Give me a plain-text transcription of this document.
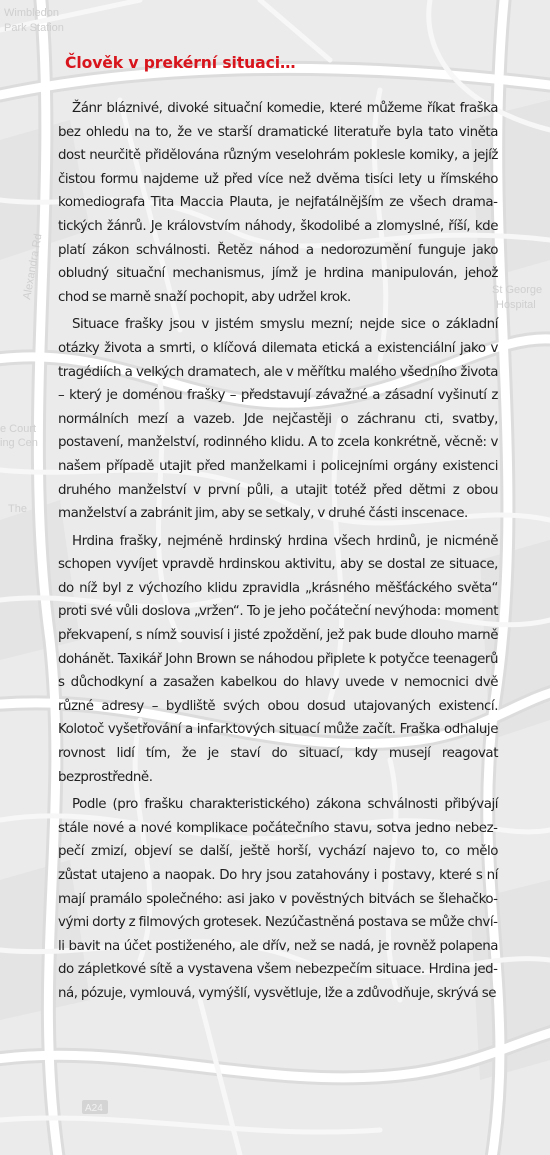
Wimbledon
Park Station
St George
Hospital
e Court
ing Cen
The
Alexandra Rd
A24
Člověk v prekérní situaci…

Žánr bláznivé, divoké situační komedie, které můžeme říkat fraška bez ohledu na to, že ve starší dramatické literatuře byla tato viněta dost neurčitě přidělována různým veselohrám poklesle komiky, a jejíž čistou formu najdeme už před více než dvěma tisíci lety u římského komediografa Tita Maccia Plauta, je nejfatálnějším ze všech dramatických žánrů. Je královstvím náhody, škodolibé a zlomyslné, říší, kde platí zákon schválnosti. Řetěz náhod a nedorozumění funguje jako obludný situační mechanismus, jímž je hrdina manipulován, jehož chod se marně snaží pochopit, aby udržel krok.

Situace frašky jsou v jistém smyslu mezní; nejde sice o základní otázky života a smrti, o klíčová dilemata etická a existenciální jako v tragédiích a velkých dramatech, ale v měřítku malého všedního života – který je doménou frašky – představují závažné a zásadní vyšinutí z normálních mezí a vazeb. Jde nejčastěji o záchranu cti, svatby, postavení, manželství, rodinného klidu. A to zcela konkrétně, věcně: v našem případě utajit před manželkami i policejními orgány existenci druhého manželství v první půli, a utajit totéž před dětmi z obou manželství a zabránit jim, aby se setkaly, v druhé části inscenace.

Hrdina frašky, nejméně hrdinský hrdina všech hrdinů, je nicméně schopen vyvíjet vpravdě hrdinskou aktivitu, aby se dostal ze situace, do níž byl z výchozího klidu zpravidla „krásného měšťáckého světa“ proti své vůli doslova „vržen“. To je jeho počáteční nevýhoda: moment překvapení, s nímž souvisí i jisté zpoždění, jež pak bude dlouho marně dohánět. Taxikář John Brown se náhodou připlete k potyčce teenagerů s důchodkyní a zasažen kabelkou do hlavy uvede v nemocnici dvě různé adresy – bydliště svých obou dosud utajovaných existencí. Kolotoč vyšetřování a infarktových situací může začít. Fraška odhaluje rovnost lidí tím, že je staví do situací, kdy musejí reagovat bezprostředně.

Podle (pro frašku charakteristického) zákona schválnosti přibývají stále nové a nové komplikace počátečního stavu, sotva jedno nebezpečí zmizí, objeví se další, ještě horší, vychází najevo to, co mělo zůstat utajeno a naopak. Do hry jsou zatahovány i postavy, které s ní mají pramálo společného: asi jako v pověstných bitvách se šlehačkovými dorty z filmových grotesek. Nezúčastněná postava se může chvíli bavit na účet postiženého, ale dřív, než se nadá, je rovněž polapena do zápletkové sítě a vystavena všem nebezpečím situace. Hrdina jedná, pózuje, vymlouvá, vymýšlí, vysvětluje, lže a zdůvodňuje, skrývá se
